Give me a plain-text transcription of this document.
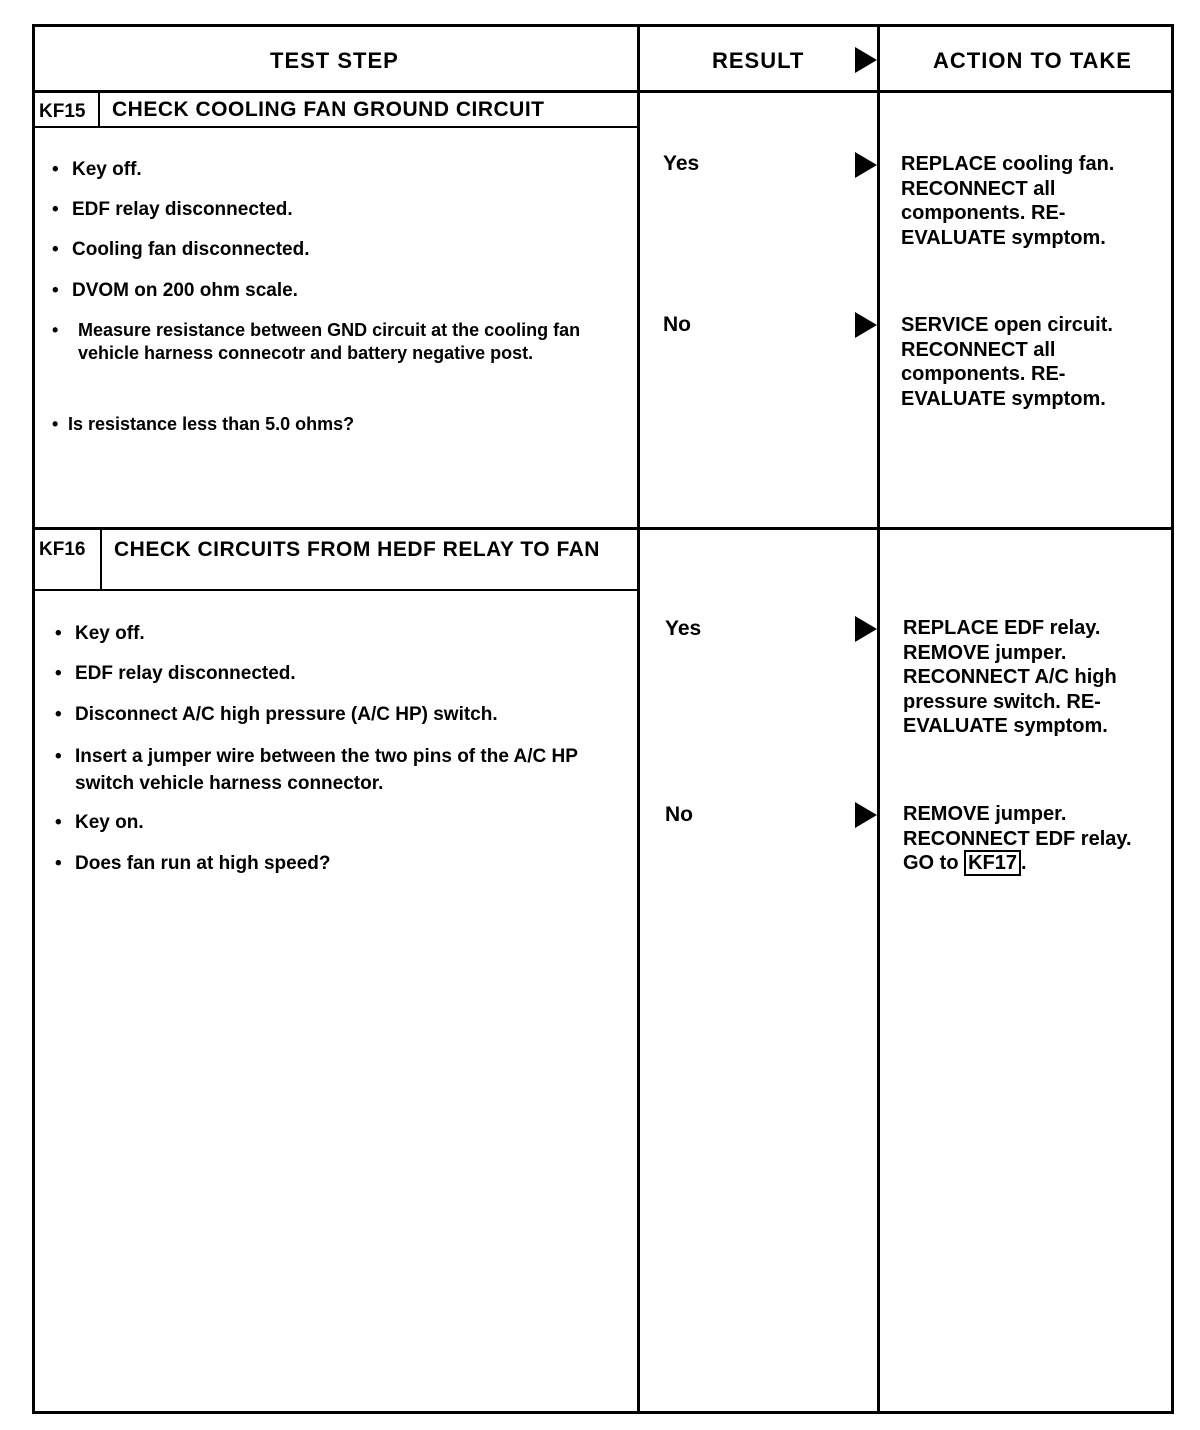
TEST STEP	RESULT	ACTION TO TAKE
KF15 CHECK COOLING FAN GROUND CIRCUIT
• Key off.
• EDF relay disconnected.
• Cooling fan disconnected.
• DVOM on 200 ohm scale.
• Measure resistance between GND circuit at the cooling fan vehicle harness connecotr and battery negative post.
• Is resistance less than 5.0 ohms?
Yes	REPLACE cooling fan. RECONNECT all components. RE-EVALUATE symptom.
No	SERVICE open circuit. RECONNECT all components. RE-EVALUATE symptom.
KF16 CHECK CIRCUITS FROM HEDF RELAY TO FAN
• Key off.
• EDF relay disconnected.
• Disconnect A/C high pressure (A/C HP) switch.
• Insert a jumper wire between the two pins of the A/C HP switch vehicle harness connector.
• Key on.
• Does fan run at high speed?
Yes	REPLACE EDF relay. REMOVE jumper. RECONNECT A/C high pressure switch. RE-EVALUATE symptom.
No	REMOVE jumper. RECONNECT EDF relay. GO to KF17 .
